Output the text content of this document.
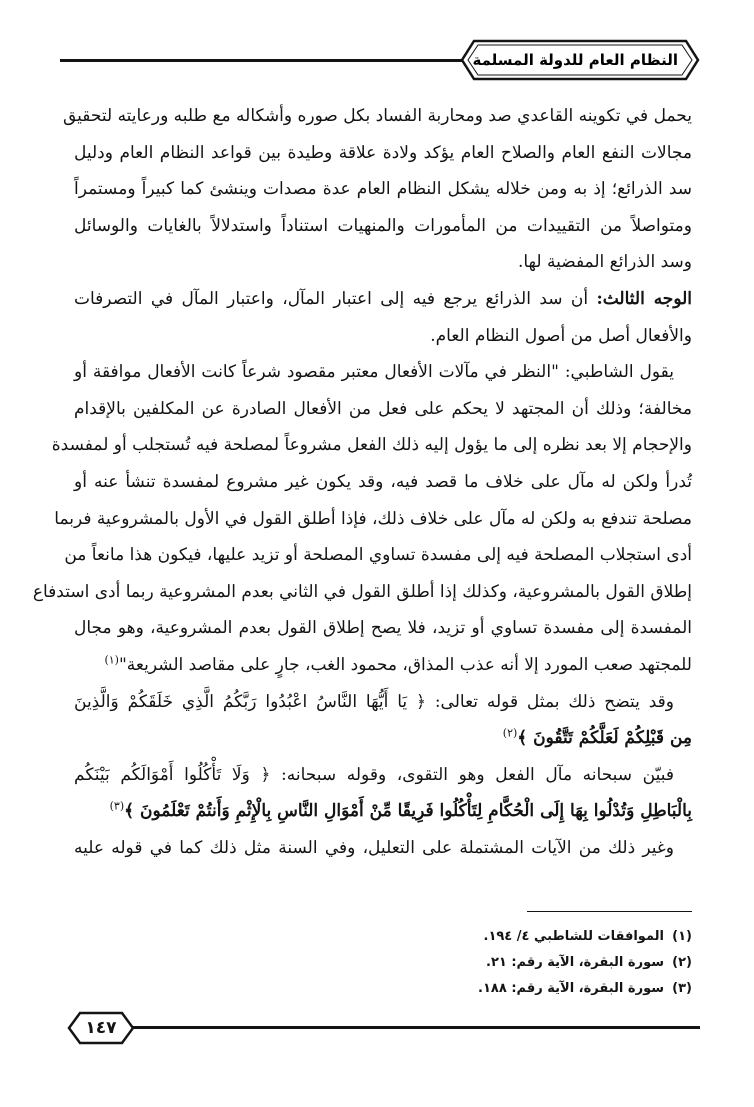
النظام العام للدولة المسلمة

يحمل في تكوينه القاعدي صد ومحاربة الفساد بكل صوره وأشكاله مع طلبه ورعايته لتحقيق
مجالات النفع العام والصلاح العام يؤكد ولادة علاقة وطيدة بين قواعد النظام العام ودليل
سد الذرائع؛ إذ به ومن خلاله يشكل النظام العام عدة مصدات وينشئ كما كبيراً ومستمراً
ومتواصلاً من التقييدات من المأمورات والمنهيات استناداً واستدلالاً بالغايات والوسائل
وسد الذرائع المفضية لها.

الوجه الثالث: أن سد الذرائع يرجع فيه إلى اعتبار المآل، واعتبار المآل في التصرفات
والأفعال أصل من أصول النظام العام.

يقول الشاطبي: "النظر في مآلات الأفعال معتبر مقصود شرعاً كانت الأفعال موافقة أو
مخالفة؛ وذلك أن المجتهد لا يحكم على فعل من الأفعال الصادرة عن المكلفين بالإقدام
والإحجام إلا بعد نظره إلى ما يؤول إليه ذلك الفعل مشروعاً لمصلحة فيه تُستجلب أو لمفسدة
تُدرأ ولكن له مآل على خلاف ما قصد فيه، وقد يكون غير مشروع لمفسدة تنشأ عنه أو
مصلحة تندفع به ولكن له مآل على خلاف ذلك، فإذا أطلق القول في الأول بالمشروعية فربما
أدى استجلاب المصلحة فيه إلى مفسدة تساوي المصلحة أو تزيد عليها، فيكون هذا مانعاً من
إطلاق القول بالمشروعية، وكذلك إذا أطلق القول في الثاني بعدم المشروعية ربما أدى استدفاع
المفسدة إلى مفسدة تساوي أو تزيد، فلا يصح إطلاق القول بعدم المشروعية، وهو مجال
للمجتهد صعب المورد إلا أنه عذب المذاق، محمود الغب، جارٍ على مقاصد الشريعة"$^{(١)}$

وقد يتضح ذلك بمثل قوله تعالى: ﴿ يَا أَيُّهَا النَّاسُ اعْبُدُوا رَبَّكُمُ الَّذِي خَلَقَكُمْ وَالَّذِينَ
مِن قَبْلِكُمْ لَعَلَّكُمْ تَتَّقُونَ ﴾$^{(٢)}$

فبيّن سبحانه مآل الفعل وهو التقوى، وقوله سبحانه: ﴿ وَلَا تَأْكُلُوا أَمْوَالَكُم بَيْنَكُم
بِالْبَاطِلِ وَتُدْلُوا بِهَا إِلَى الْحُكَّامِ لِتَأْكُلُوا فَرِيقًا مِّنْ أَمْوَالِ النَّاسِ بِالْإِثْمِ وَأَنتُمْ تَعْلَمُونَ ﴾$^{(٣)}$

وغير ذلك من الآيات المشتملة على التعليل، وفي السنة مثل ذلك كما في قوله عليه

(١)الموافقات للشاطبي ٤/ ١٩٤.
(٢)سورة البقرة، الآية رقم: ٢١.
(٣)سورة البقرة، الآية رقم: ١٨٨.
١٤٧
